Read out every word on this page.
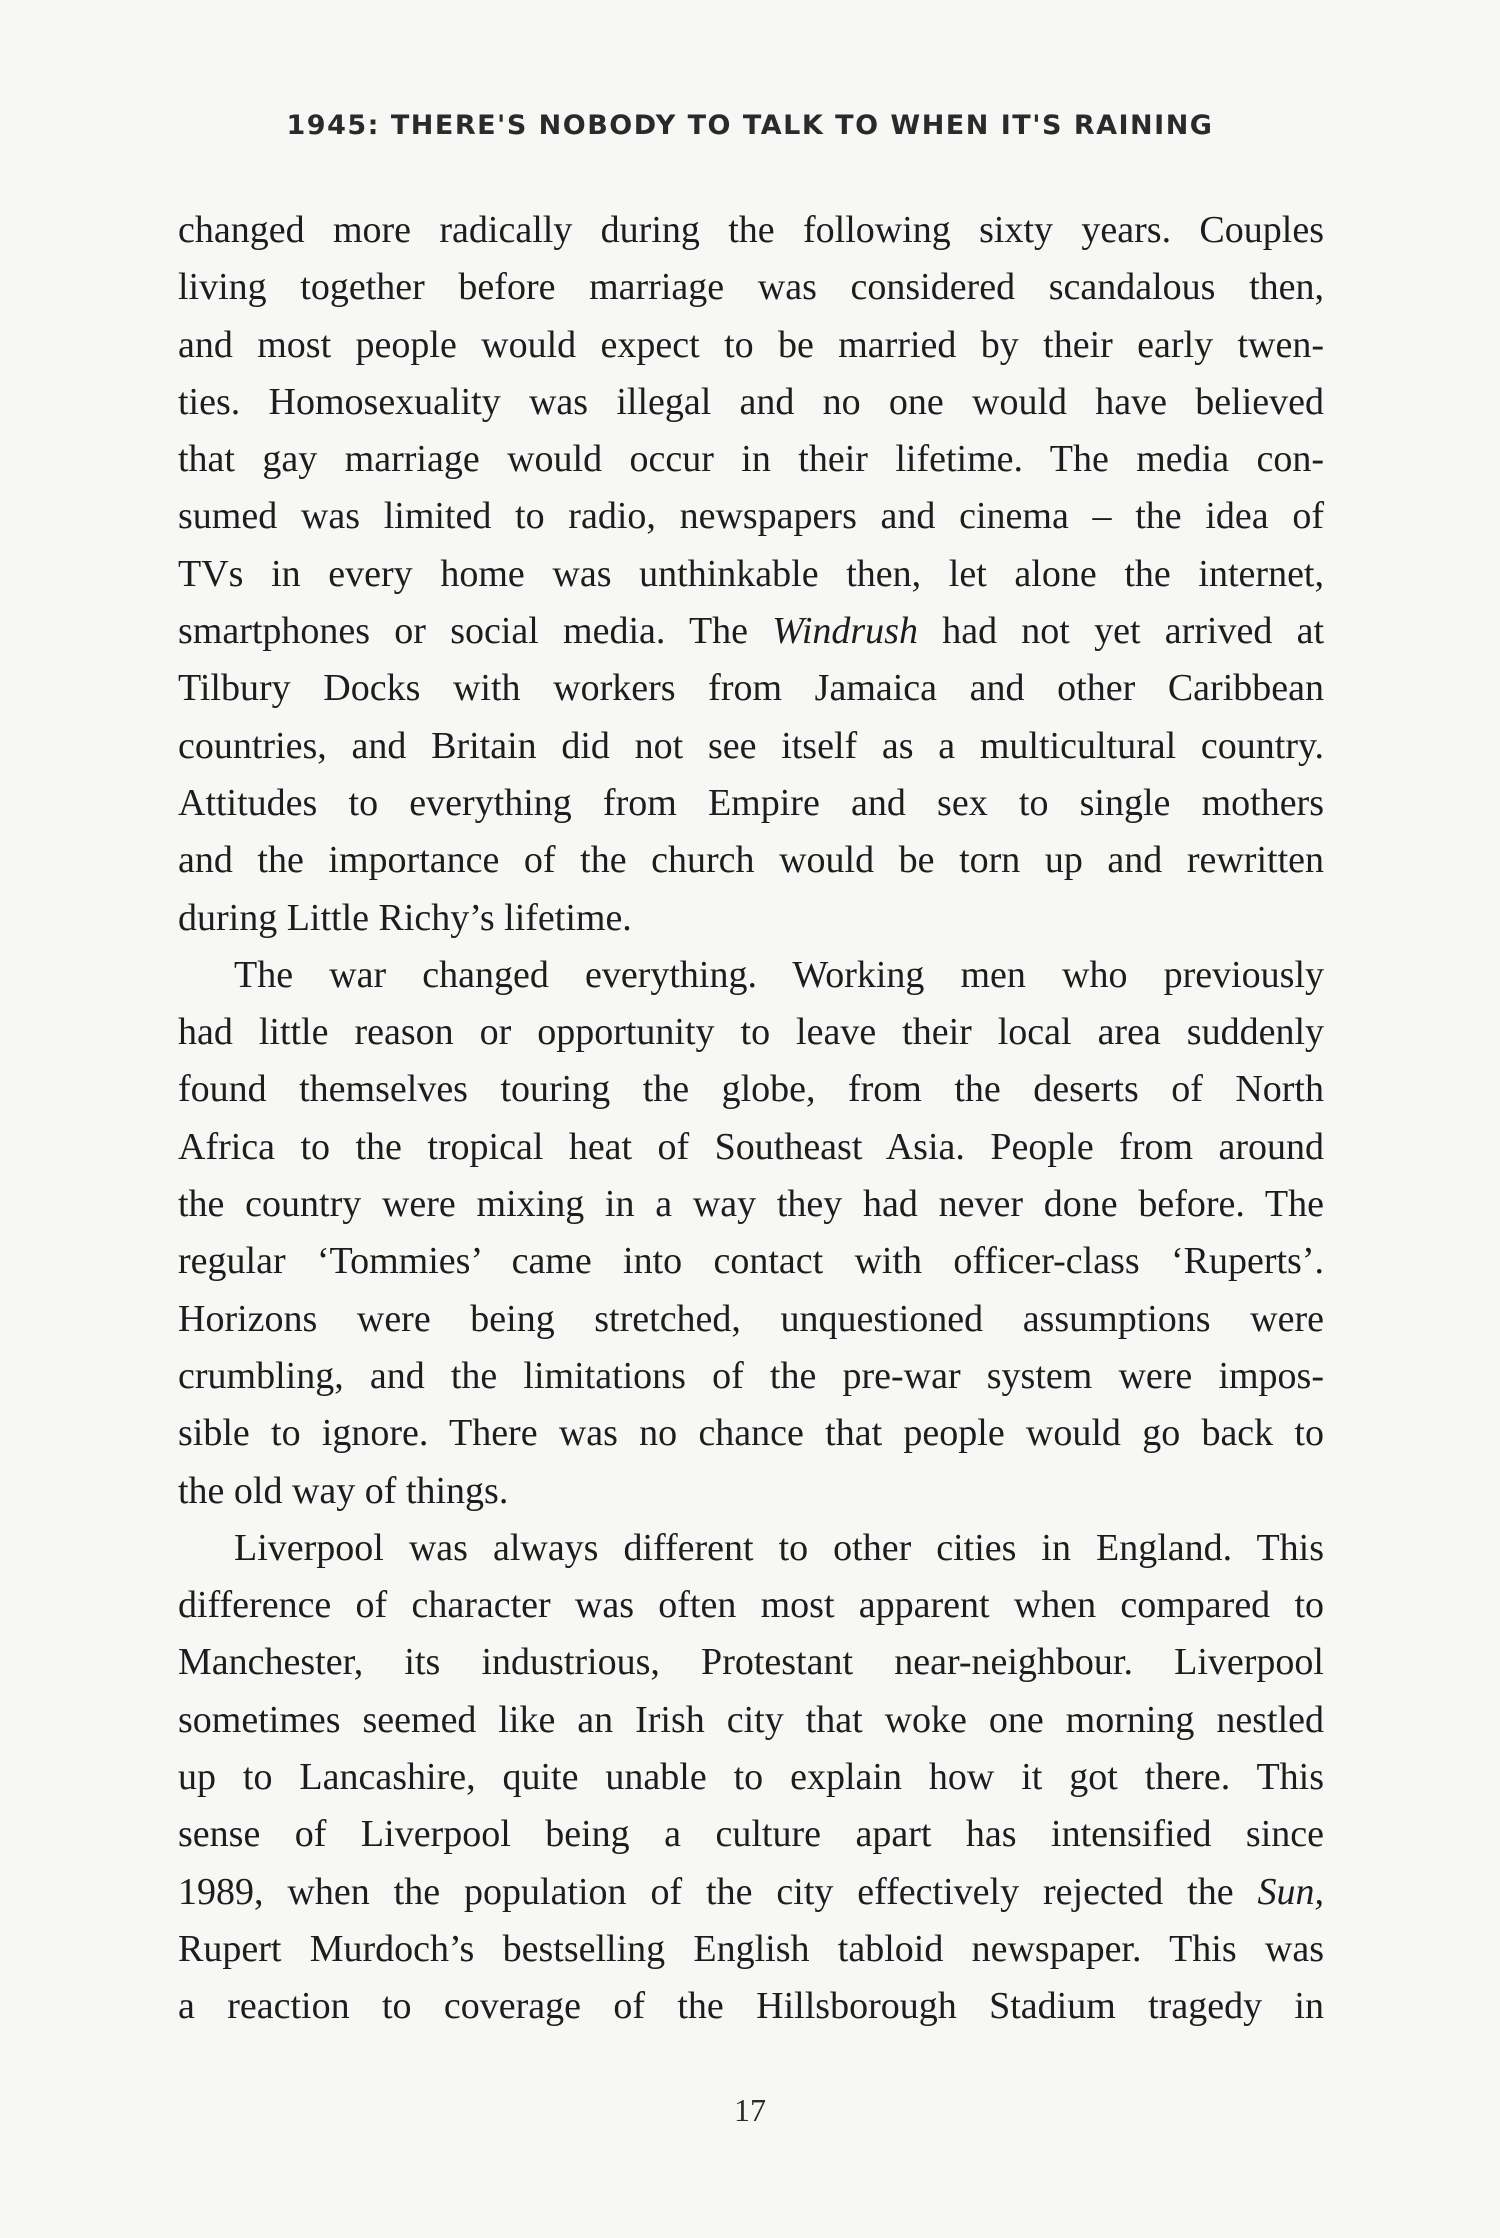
1945: THERE'S NOBODY TO TALK TO WHEN IT'S RAINING
changed more radically during the following sixty years. Couples
living together before marriage was considered scandalous then,
and most people would expect to be married by their early twen-
ties. Homosexuality was illegal and no one would have believed
that gay marriage would occur in their lifetime. The media con-
sumed was limited to radio, newspapers and cinema – the idea of
TVs in every home was unthinkable then, let alone the internet,
smartphones or social media. The Windrush had not yet arrived at
Tilbury Docks with workers from Jamaica and other Caribbean
countries, and Britain did not see itself as a multicultural country.
Attitudes to everything from Empire and sex to single mothers
and the importance of the church would be torn up and rewritten
during Little Richy’s lifetime.
The war changed everything. Working men who previously
had little reason or opportunity to leave their local area suddenly
found themselves touring the globe, from the deserts of North
Africa to the tropical heat of Southeast Asia. People from around
the country were mixing in a way they had never done before. The
regular ‘Tommies’ came into contact with officer-class ‘Ruperts’.
Horizons were being stretched, unquestioned assumptions were
crumbling, and the limitations of the pre-war system were impos-
sible to ignore. There was no chance that people would go back to
the old way of things.
Liverpool was always different to other cities in England. This
difference of character was often most apparent when compared to
Manchester, its industrious, Protestant near-neighbour. Liverpool
sometimes seemed like an Irish city that woke one morning nestled
up to Lancashire, quite unable to explain how it got there. This
sense of Liverpool being a culture apart has intensified since
1989, when the population of the city effectively rejected the Sun,
Rupert Murdoch’s bestselling English tabloid newspaper. This was
a reaction to coverage of the Hillsborough Stadium tragedy in
17
